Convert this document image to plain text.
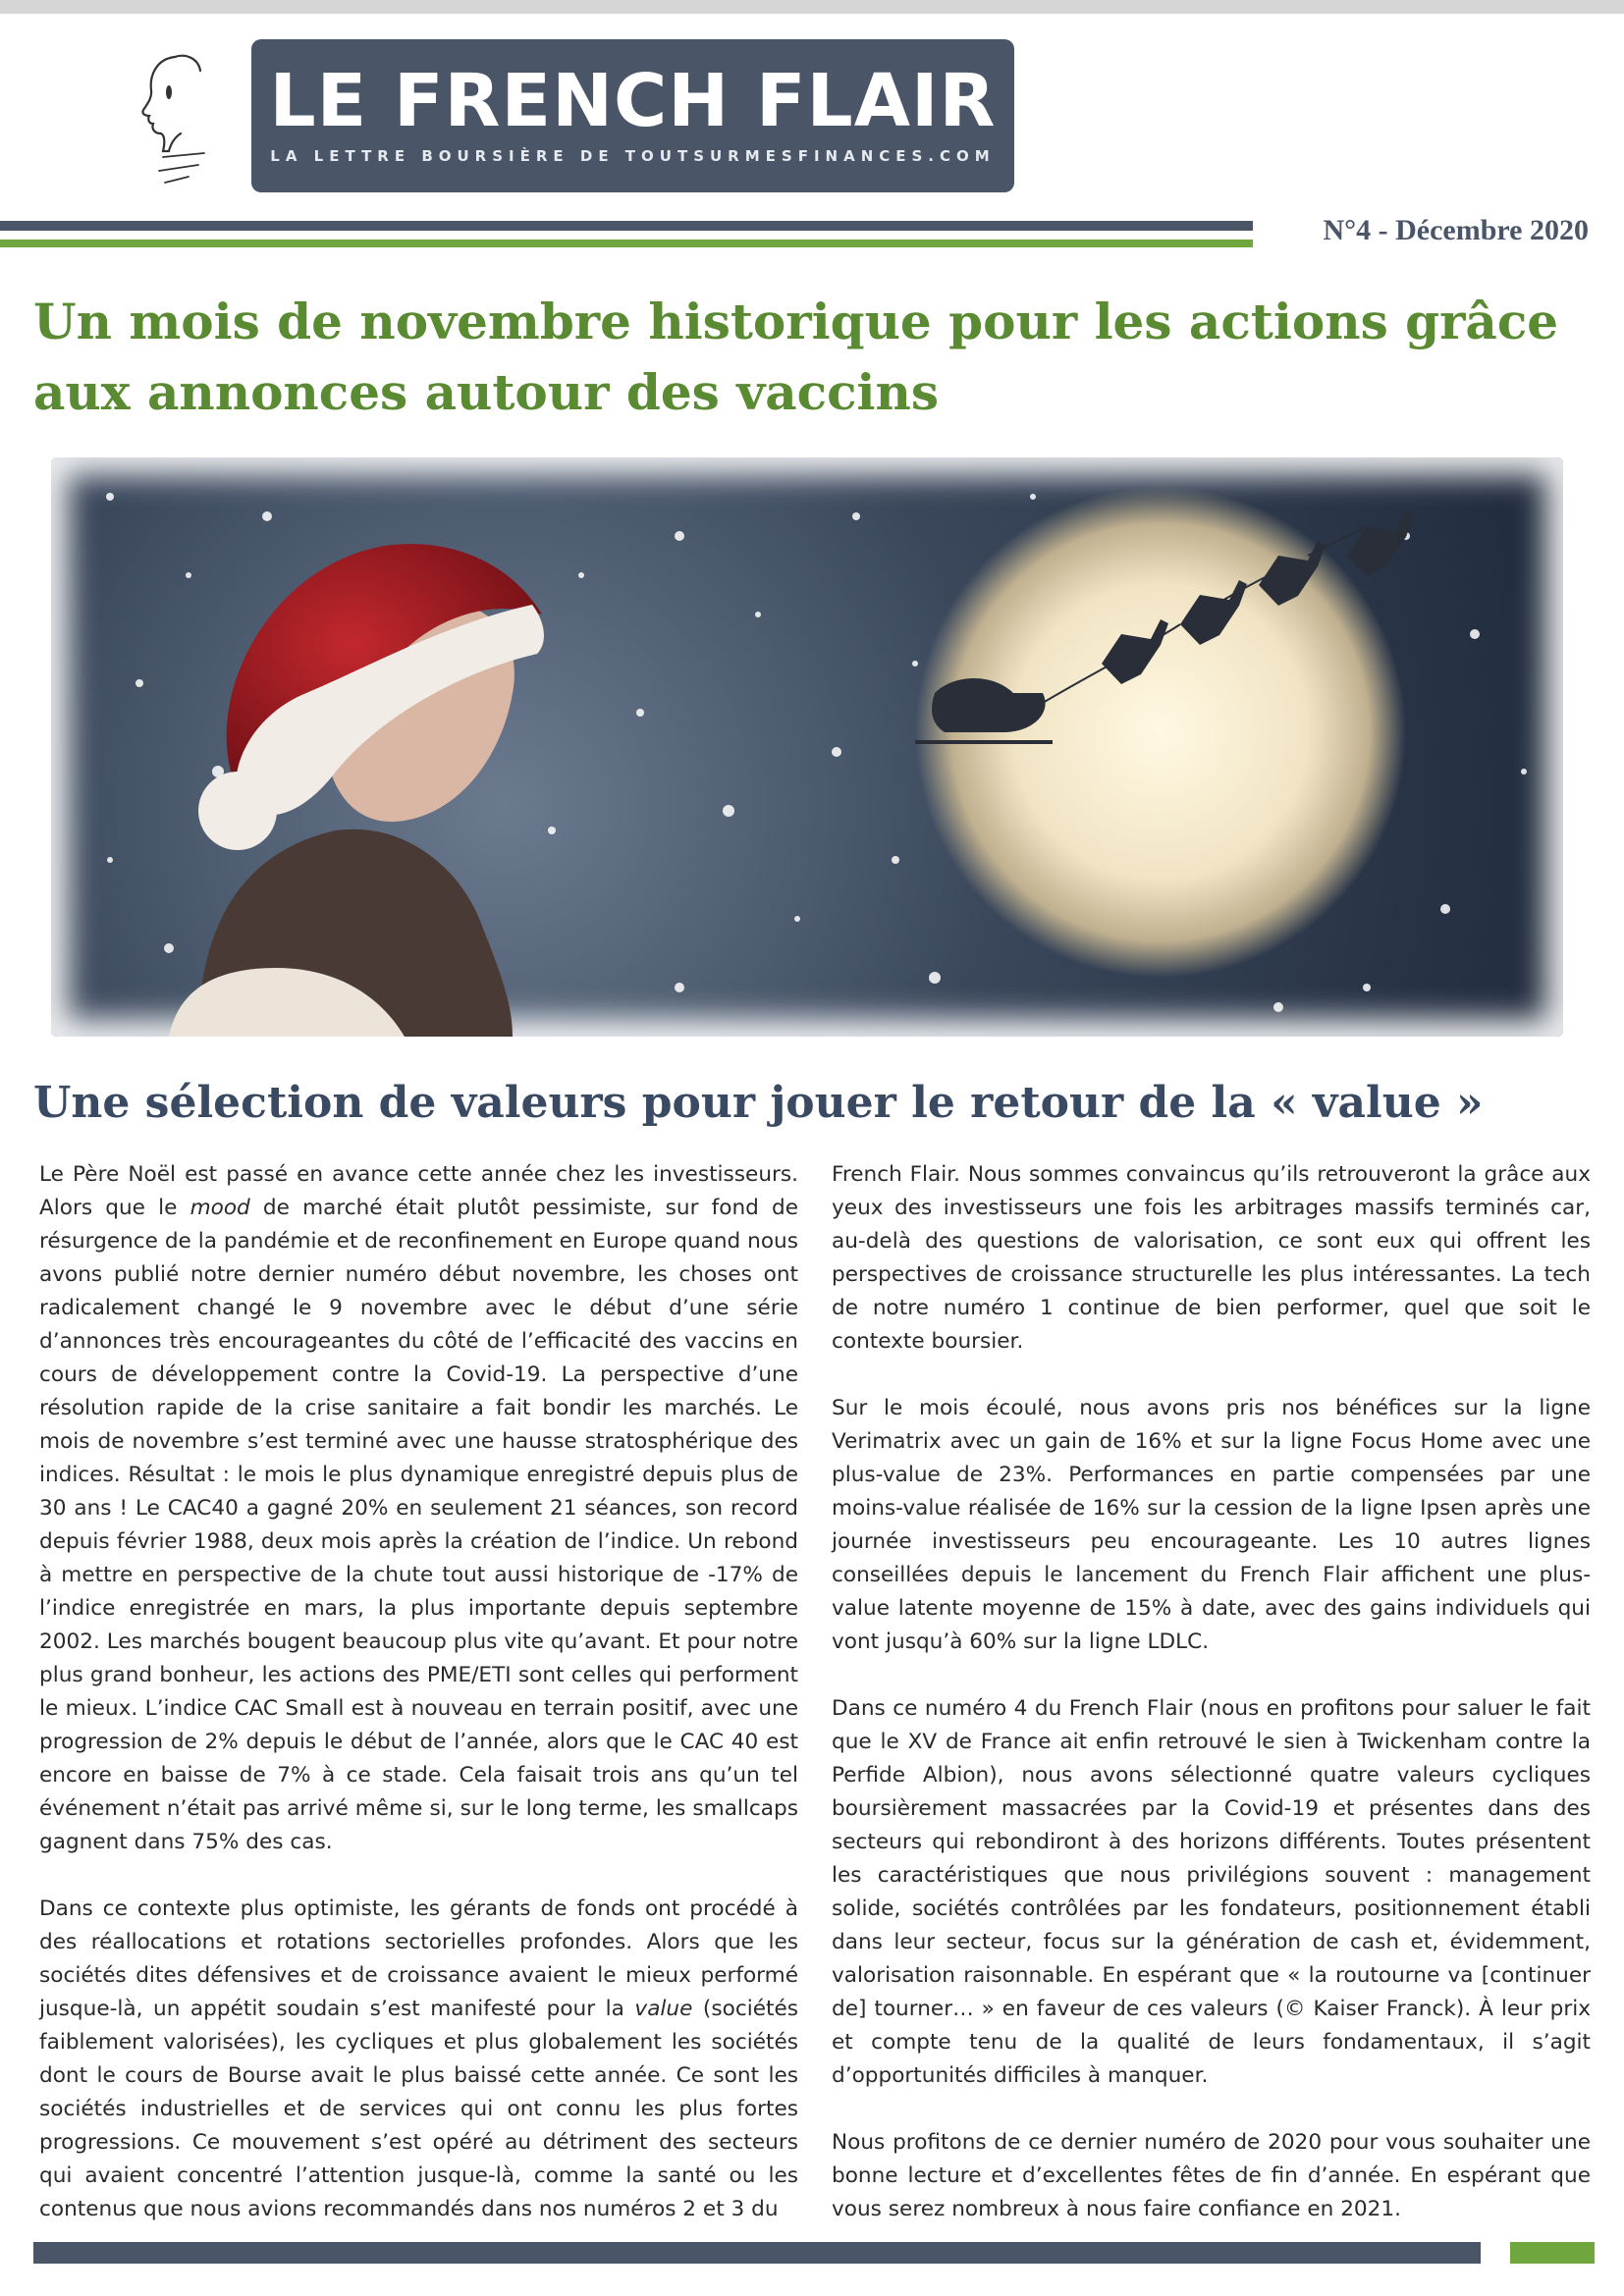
LE FRENCH FLAIR
LA LETTRE BOURSIÈRE DE TOUTSURMESFINANCES.COM
N°4 - Décembre 2020
Un mois de novembre historique pour les actions grâce
aux annonces autour des vaccins
Une sélection de valeurs pour jouer le retour de la « value »

Le Père Noël est passé en avance cette année chez les investisseurs. Alors que le mood de marché était plutôt pessimiste, sur fond de résurgence de la pandémie et de reconfinement en Europe quand nous avons publié notre dernier numéro début novembre, les choses ont radicalement changé le 9 novembre avec le début d’une série d’annonces très encourageantes du côté de l’efficacité des vaccins en cours de développement contre la Covid-19. La perspective d’une résolution rapide de la crise sanitaire a fait bondir les marchés. Le mois de novembre s’est terminé avec une hausse stratosphérique des indices. Résultat : le mois le plus dynamique enregistré depuis plus de 30 ans ! Le CAC40 a gagné 20% en seulement 21 séances, son record depuis février 1988, deux mois après la création de l’indice. Un rebond à mettre en perspective de la chute tout aussi historique de -17% de l’indice enregistrée en mars, la plus importante depuis septembre 2002. Les marchés bougent beaucoup plus vite qu’avant. Et pour notre plus grand bonheur, les actions des PME/ETI sont celles qui performent le mieux. L’indice CAC Small est à nouveau en terrain positif, avec une progression de 2% depuis le début de l’année, alors que le CAC 40 est encore en baisse de 7% à ce stade. Cela faisait trois ans qu’un tel événement n’était pas arrivé même si, sur le long terme, les smallcaps gagnent dans 75% des cas.

Dans ce contexte plus optimiste, les gérants de fonds ont procédé à des réallocations et rotations sectorielles profondes. Alors que les sociétés dites défensives et de croissance avaient le mieux performé jusque-là, un appétit soudain s’est manifesté pour la value (sociétés faiblement valorisées), les cycliques et plus globalement les sociétés dont le cours de Bourse avait le plus baissé cette année. Ce sont les sociétés industrielles et de services qui ont connu les plus fortes progressions. Ce mouvement s’est opéré au détriment des secteurs qui avaient concentré l’attention jusque-là, comme la santé ou les contenus que nous avions recommandés dans nos numéros 2 et 3 du

French Flair. Nous sommes convaincus qu’ils retrouveront la grâce aux yeux des investisseurs une fois les arbitrages massifs terminés car, au-delà des questions de valorisation, ce sont eux qui offrent les perspectives de croissance structurelle les plus intéressantes. La tech de notre numéro 1 continue de bien performer, quel que soit le contexte boursier.

Sur le mois écoulé, nous avons pris nos bénéfices sur la ligne Verimatrix avec un gain de 16% et sur la ligne Focus Home avec une plus-value de 23%. Performances en partie compensées par une moins-value réalisée de 16% sur la cession de la ligne Ipsen après une journée investisseurs peu encourageante. Les 10 autres lignes conseillées depuis le lancement du French Flair affichent une plus-value latente moyenne de 15% à date, avec des gains individuels qui vont jusqu’à 60% sur la ligne LDLC.

Dans ce numéro 4 du French Flair (nous en profitons pour saluer le fait que le XV de France ait enfin retrouvé le sien à Twickenham contre la Perfide Albion), nous avons sélectionné quatre valeurs cycliques boursièrement massacrées par la Covid-19 et présentes dans des secteurs qui rebondiront à des horizons différents. Toutes présentent les caractéristiques que nous privilégions souvent : management solide, sociétés contrôlées par les fondateurs, positionnement établi dans leur secteur, focus sur la génération de cash et, évidemment, valorisation raisonnable. En espérant que « la routourne va [continuer de] tourner… » en faveur de ces valeurs (© Kaiser Franck). À leur prix et compte tenu de la qualité de leurs fondamentaux, il s’agit d’opportunités difficiles à manquer.

Nous profitons de ce dernier numéro de 2020 pour vous souhaiter une bonne lecture et d’excellentes fêtes de fin d’année. En espérant que vous serez nombreux à nous faire confiance en 2021.
